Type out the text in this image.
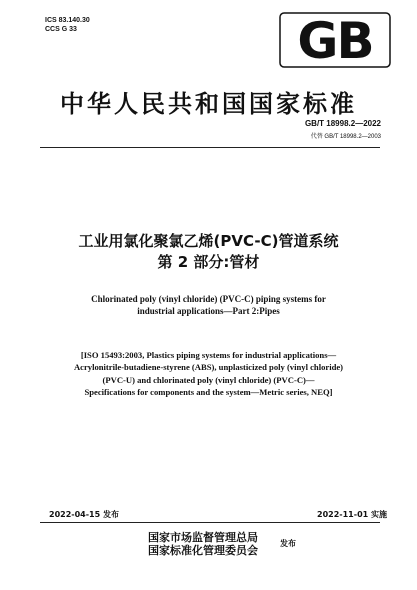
ICS 83.140.30
CCS G 33	GB
中华人民共和国国家标准
GB/T 18998.2—2022
代替 GB/T 18998.2—2003
工业用氯化聚氯乙烯(PVC-C)管道系统
第 2 部分:管材
Chlorinated poly (vinyl chloride) (PVC-C) piping systems for
industrial applications—Part 2:Pipes
[ISO 15493:2003, Plastics piping systems for industrial applications—
Acrylonitrile-butadiene-styrene (ABS), unplasticized poly (vinyl chloride)
(PVC-U) and chlorinated poly (vinyl chloride) (PVC-C)—
Specifications for components and the system—Metric series, NEQ]
2022-04-15 发布	2022-11-01 实施
国家市场监督管理总局
国家标准化管理委员会
发布
